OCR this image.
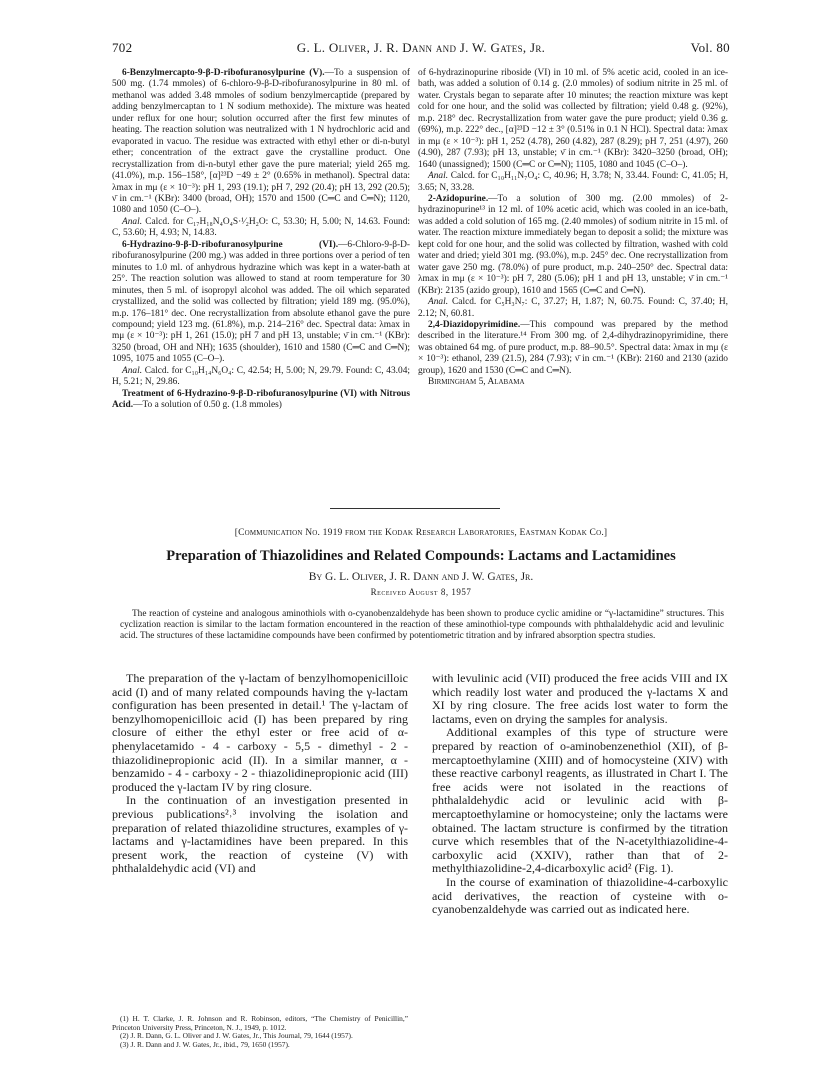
702	G. L. Oliver, J. R. Dann and J. W. Gates, Jr.	Vol. 80

6-Benzylmercapto-9-β-D-ribofuranosylpurine (V).—To a suspension of 500 mg. (1.74 mmoles) of 6-chloro-9-β-D-ribofuranosylpurine in 80 ml. of methanol was added 3.48 mmoles of sodium benzylmercaptide (prepared by adding benzylmercaptan to 1 N sodium methoxide). The mixture was heated under reflux for one hour; solution occurred after the first few minutes of heating. The reaction solution was neutralized with 1 N hydrochloric acid and evaporated in vacuo. The residue was extracted with ethyl ether or di-n-butyl ether; concentration of the extract gave the crystalline product. One recrystallization from di-n-butyl ether gave the pure material; yield 265 mg. (41.0%), m.p. 156–158°, [α]²³D −49 ± 2° (0.65% in methanol). Spectral data: λmax in mμ (ε × 10⁻³): pH 1, 293 (19.1); pH 7, 292 (20.4); pH 13, 292 (20.5); ν̄ in cm.⁻¹ (KBr): 3400 (broad, OH); 1570 and 1500 (C═C and C═N); 1120, 1080 and 1050 (C–O–).

Anal. Calcd. for C₁₇H₁₈N₄O₄S·¹⁄₂H₂O: C, 53.30; H, 5.00; N, 14.63. Found: C, 53.60; H, 4.93; N, 14.83.

6-Hydrazino-9-β-D-ribofuranosylpurine (VI).—6-Chloro-9-β-D-ribofuranosylpurine (200 mg.) was added in three portions over a period of ten minutes to 1.0 ml. of anhydrous hydrazine which was kept in a water-bath at 25°. The reaction solution was allowed to stand at room temperature for 30 minutes, then 5 ml. of isopropyl alcohol was added. The oil which separated crystallized, and the solid was collected by filtration; yield 189 mg. (95.0%), m.p. 176–181° dec. One recrystallization from absolute ethanol gave the pure compound; yield 123 mg. (61.8%), m.p. 214–216° dec. Spectral data: λmax in mμ (ε × 10⁻³): pH 1, 261 (15.0); pH 7 and pH 13, unstable; ν̄ in cm.⁻¹ (KBr): 3250 (broad, OH and NH); 1635 (shoulder), 1610 and 1580 (C═C and C═N); 1095, 1075 and 1055 (C–O–).

Anal. Calcd. for C₁₀H₁₄N₆O₄: C, 42.54; H, 5.00; N, 29.79. Found: C, 43.04; H, 5.21; N, 29.86.

Treatment of 6-Hydrazino-9-β-D-ribofuranosylpurine (VI) with Nitrous Acid.—To a solution of 0.50 g. (1.8 mmoles)

of 6-hydrazinopurine riboside (VI) in 10 ml. of 5% acetic acid, cooled in an ice-bath, was added a solution of 0.14 g. (2.0 mmoles) of sodium nitrite in 25 ml. of water. Crystals began to separate after 10 minutes; the reaction mixture was kept cold for one hour, and the solid was collected by filtration; yield 0.48 g. (92%), m.p. 218° dec. Recrystallization from water gave the pure product; yield 0.36 g. (69%), m.p. 222° dec., [α]²³D −12 ± 3° (0.51% in 0.1 N HCl). Spectral data: λmax in mμ (ε × 10⁻³): pH 1, 252 (4.78), 260 (4.82), 287 (8.29); pH 7, 251 (4.97), 260 (4.90), 287 (7.93); pH 13, unstable; ν̄ in cm.⁻¹ (KBr): 3420–3250 (broad, OH); 1640 (unassigned); 1500 (C═C or C═N); 1105, 1080 and 1045 (C–O–).

Anal. Calcd. for C₁₀H₁₁N₇O₄: C, 40.96; H, 3.78; N, 33.44. Found: C, 41.05; H, 3.65; N, 33.28.

2-Azidopurine.—To a solution of 300 mg. (2.00 mmoles) of 2-hydrazinopurine¹³ in 12 ml. of 10% acetic acid, which was cooled in an ice-bath, was added a cold solution of 165 mg. (2.40 mmoles) of sodium nitrite in 15 ml. of water. The reaction mixture immediately began to deposit a solid; the mixture was kept cold for one hour, and the solid was collected by filtration, washed with cold water and dried; yield 301 mg. (93.0%), m.p. 245° dec. One recrystallization from water gave 250 mg. (78.0%) of pure product, m.p. 240–250° dec. Spectral data: λmax in mμ (ε × 10⁻³): pH 7, 280 (5.06); pH 1 and pH 13, unstable; ν̄ in cm.⁻¹ (KBr): 2135 (azido group), 1610 and 1565 (C═C and C═N).

Anal. Calcd. for C₅H₃N₇: C, 37.27; H, 1.87; N, 60.75. Found: C, 37.40; H, 2.12; N, 60.81.

2,4-Diazidopyrimidine.—This compound was prepared by the method described in the literature.¹⁴ From 300 mg. of 2,4-dihydrazinopyrimidine, there was obtained 64 mg. of pure product, m.p. 88–90.5°. Spectral data: λmax in mμ (ε × 10⁻³): ethanol, 239 (21.5), 284 (7.93); ν̄ in cm.⁻¹ (KBr): 2160 and 2130 (azido group), 1620 and 1530 (C═C and C═N).

Birmingham 5, Alabama

[Communication No. 1919 from the Kodak Research Laboratories, Eastman Kodak Co.]
Preparation of Thiazolidines and Related Compounds: Lactams and Lactamidines
By G. L. Oliver, J. R. Dann and J. W. Gates, Jr.
Received August 8, 1957
The reaction of cysteine and analogous aminothiols with o-cyanobenzaldehyde has been shown to produce cyclic amidine or “γ-lactamidine” structures. This cyclization reaction is similar to the lactam formation encountered in the reaction of these aminothiol-type compounds with phthalaldehydic acid and levulinic acid. The structures of these lactamidine compounds have been confirmed by potentiometric titration and by infrared absorption spectra studies.

The preparation of the γ-lactam of benzylhomopenicilloic acid (I) and of many related compounds having the γ-lactam configuration has been presented in detail.¹ The γ-lactam of benzylhomopenicilloic acid (I) has been prepared by ring closure of either the ethyl ester or free acid of α-phenylacetamido - 4 - carboxy - 5,5 - dimethyl - 2 - thiazolidinepropionic acid (II). In a similar manner, α - benzamido - 4 - carboxy - 2 - thiazolidinepropionic acid (III) produced the γ-lactam IV by ring closure.

In the continuation of an investigation presented in previous publications²˒³ involving the isolation and preparation of related thiazolidine structures, examples of γ-lactams and γ-lactamidines have been prepared. In this present work, the reaction of cysteine (V) with phthalaldehydic acid (VI) and

with levulinic acid (VII) produced the free acids VIII and IX which readily lost water and produced the γ-lactams X and XI by ring closure. The free acids lost water to form the lactams, even on drying the samples for analysis.

Additional examples of this type of structure were prepared by reaction of o-aminobenzenethiol (XII), of β-mercaptoethylamine (XIII) and of homocysteine (XIV) with these reactive carbonyl reagents, as illustrated in Chart I. The free acids were not isolated in the reactions of phthalaldehydic acid or levulinic acid with β-mercaptoethylamine or homocysteine; only the lactams were obtained. The lactam structure is confirmed by the titration curve which resembles that of the N-acetylthiazolidine-4-carboxylic acid (XXIV), rather than that of 2-methylthiazolidine-2,4-dicarboxylic acid² (Fig. 1).

In the course of examination of thiazolidine-4-carboxylic acid derivatives, the reaction of cysteine with o-cyanobenzaldehyde was carried out as indicated here.

(1) H. T. Clarke, J. R. Johnson and R. Robinson, editors, “The Chemistry of Penicillin,” Princeton University Press, Princeton, N. J., 1949, p. 1012.

(2) J. R. Dann, G. L. Oliver and J. W. Gates, Jr., This Journal, 79, 1644 (1957).

(3) J. R. Dann and J. W. Gates, Jr., ibid., 79, 1650 (1957).
